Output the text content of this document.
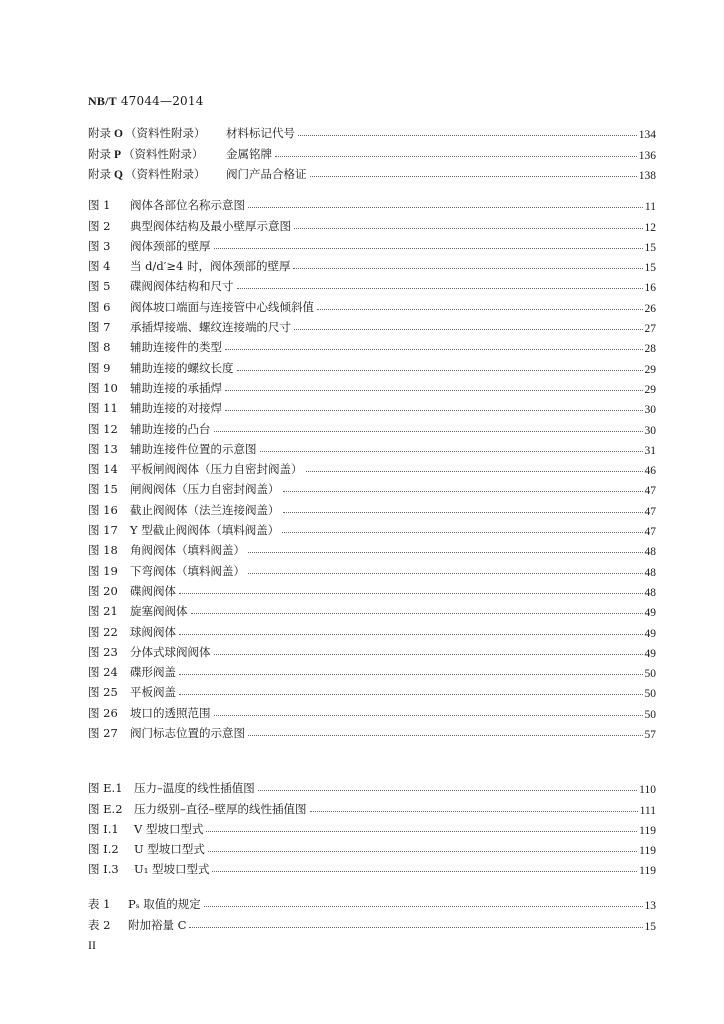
NB/T 47044—2014
附录 O （资料性附录）	材料标记代号	134
附录 P （资料性附录）	金属铭牌	136
附录 Q （资料性附录）	阀门产品合格证	138
图 1	阀体各部位名称示意图	11
图 2	典型阀体结构及最小壁厚示意图	12
图 3	阀体颈部的壁厚	15
图 4	当 d/d′≥4 时，阀体颈部的壁厚	15
图 5	碟阀阀体结构和尺寸	16
图 6	阀体坡口端面与连接管中心线倾斜值	26
图 7	承插焊接端、螺纹连接端的尺寸	27
图 8	辅助连接件的类型	28
图 9	辅助连接的螺纹长度	29
图 10	辅助连接的承插焊	29
图 11	辅助连接的对接焊	30
图 12	辅助连接的凸台	30
图 13	辅助连接件位置的示意图	31
图 14	平板闸阀阀体（压力自密封阀盖）	46
图 15	闸阀阀体（压力自密封阀盖）	47
图 16	截止阀阀体（法兰连接阀盖）	47
图 17	Y 型截止阀阀体（填料阀盖）	47
图 18	角阀阀体（填料阀盖）	48
图 19	下弯阀体（填料阀盖）	48
图 20	碟阀阀体	48
图 21	旋塞阀阀体	49
图 22	球阀阀体	49
图 23	分体式球阀阀体	49
图 24	碟形阀盖	50
图 25	平板阀盖	50
图 26	坡口的透照范围	50
图 27	阀门标志位置的示意图	57
图 E.1 压力–温度的线性插值图	110
图 E.2 压力级别–直径–壁厚的线性插值图	111
图 I.1	V 型坡口型式	119
图 I.2	U 型坡口型式	119
图 I.3	U₁ 型坡口型式	119
表 1	Pₛ 取值的规定	13
表 2	附加裕量 C	15
II
